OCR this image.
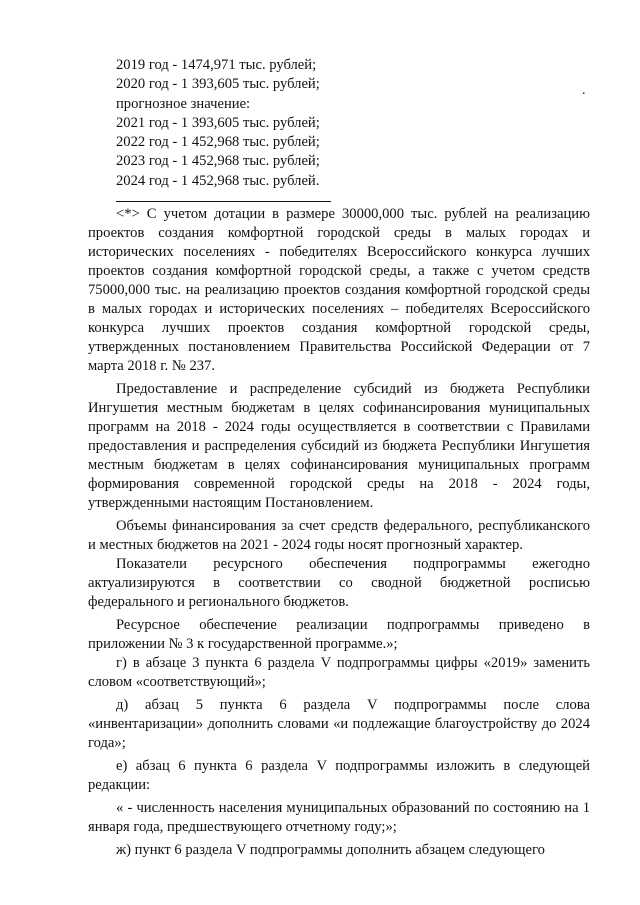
2019 год - 1474,971 тыс. рублей;
2020 год - 1 393,605 тыс. рублей;
прогнозное значение:
2021 год - 1 393,605 тыс. рублей;
2022 год - 1 452,968 тыс. рублей;
2023 год - 1 452,968 тыс. рублей;
2024 год - 1 452,968 тыс. рублей.
.

<*> С учетом дотации в размере 30000,000 тыс. рублей на реализацию проектов создания комфортной городской среды в малых городах и исторических поселениях - победителях Всероссийского конкурса лучших проектов создания комфортной городской среды, а также с учетом средств 75000,000 тыс. на реализацию проектов создания комфортной городской среды в малых городах и исторических поселениях – победителях Всероссийского конкурса лучших проектов создания комфортной городской среды, утвержденных постановлением Правительства Российской Федерации от 7 марта 2018 г. № 237.

Предоставление и распределение субсидий из бюджета Республики Ингушетия местным бюджетам в целях софинансирования муниципальных программ на 2018 - 2024 годы осуществляется в соответствии с Правилами предоставления и распределения субсидий из бюджета Республики Ингушетия местным бюджетам в целях софинансирования муниципальных программ формирования современной городской среды на 2018 - 2024 годы, утвержденными настоящим Постановлением.

Объемы финансирования за счет средств федерального, республиканского и местных бюджетов на 2021 - 2024 годы носят прогнозный характер.

Показатели ресурсного обеспечения подпрограммы ежегодно актуализируются в соответствии со сводной бюджетной росписью федерального и регионального бюджетов.

Ресурсное обеспечение реализации подпрограммы приведено в приложении № 3 к государственной программе.»;

г) в абзаце 3 пункта 6 раздела V подпрограммы цифры «2019» заменить словом «соответствующий»;

д) абзац 5 пункта 6 раздела V подпрограммы после слова «инвентаризации» дополнить словами «и подлежащие благоустройству до 2024 года»;

е) абзац 6 пункта 6 раздела V подпрограммы изложить в следующей редакции:

« - численность населения муниципальных образований по состоянию на 1 января года, предшествующего отчетному году;»;

ж) пункт 6 раздела V подпрограммы дополнить абзацем следующего
